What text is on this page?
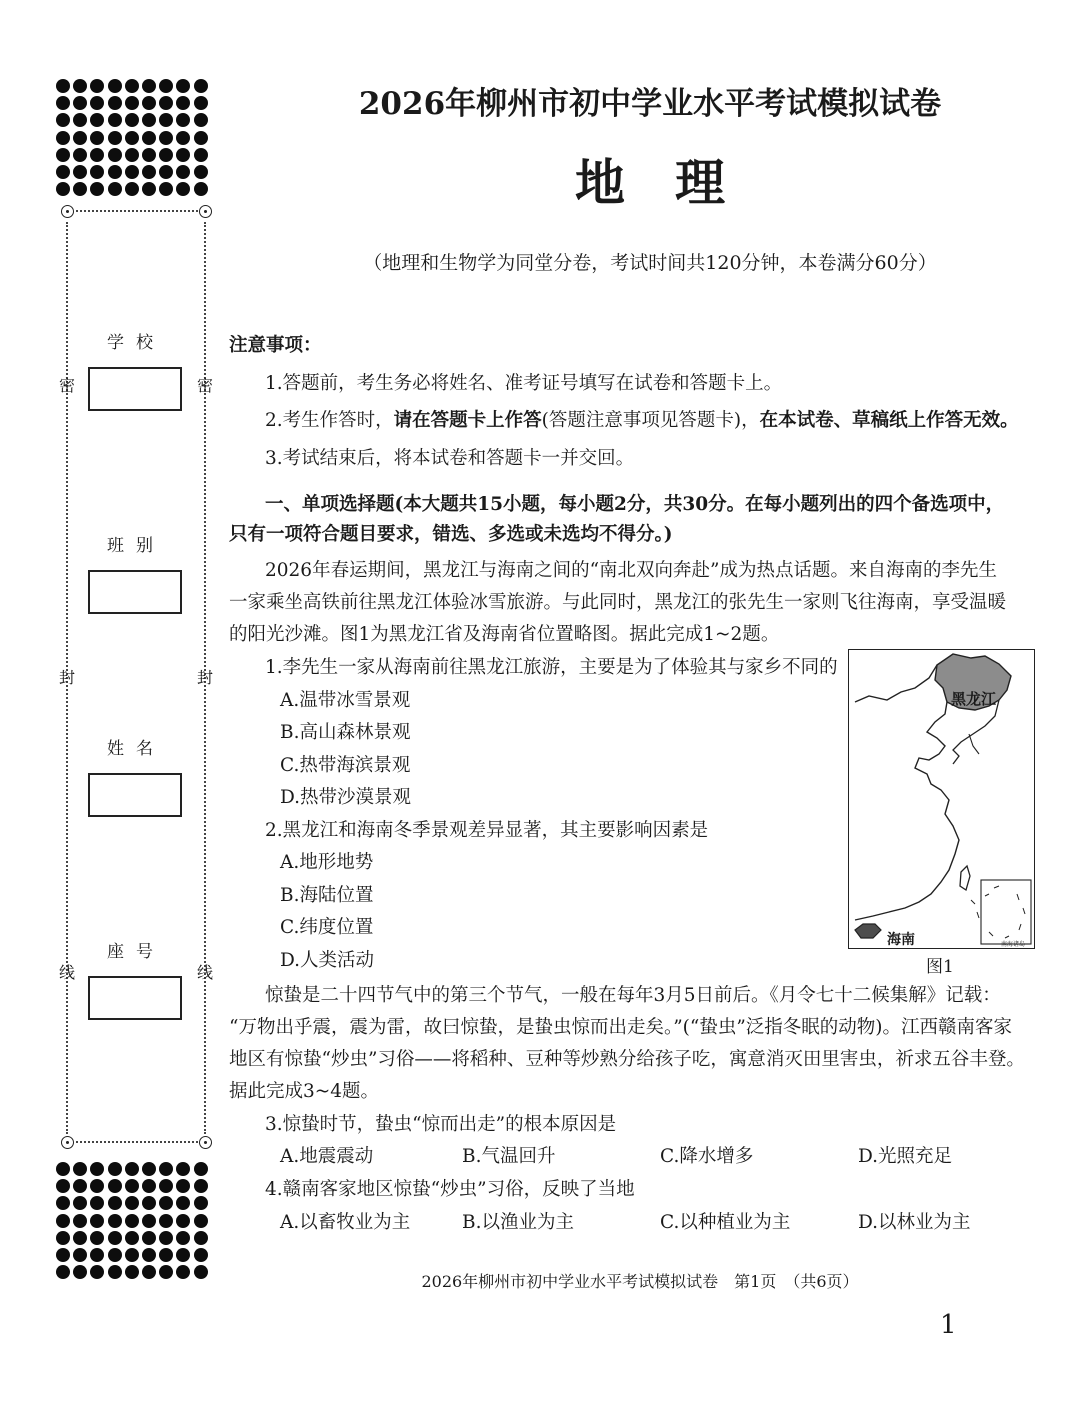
密	密
封	封
线	线
学校
班别
姓名
座号
2026年柳州市初中学业水平考试模拟试卷
地理
（地理和生物学为同堂分卷，考试时间共120分钟，本卷满分60分）
注意事项：
1.答题前，考生务必将姓名、准考证号填写在试卷和答题卡上。
2.考生作答时，请在答题卡上作答(答题注意事项见答题卡)，在本试卷、草稿纸上作答无效。
3.考试结束后，将本试卷和答题卡一并交回。
一、单项选择题(本大题共15小题，每小题2分，共30分。在每小题列出的四个备选项中，
只有一项符合题目要求，错选、多选或未选均不得分。)
2026年春运期间，黑龙江与海南之间的“南北双向奔赴”成为热点话题。来自海南的李先生
一家乘坐高铁前往黑龙江体验冰雪旅游。与此同时，黑龙江的张先生一家则飞往海南，享受温暖
的阳光沙滩。图1为黑龙江省及海南省位置略图。据此完成1~2题。
1.李先生一家从海南前往黑龙江旅游，主要是为了体验其与家乡不同的
A.温带冰雪景观
B.高山森林景观
C.热带海滨景观
D.热带沙漠景观
2.黑龙江和海南冬季景观差异显著，其主要影响因素是
A.地形地势
B.海陆位置
C.纬度位置
D.人类活动
黑龙江
海南	南海诸岛
图1
惊蛰是二十四节气中的第三个节气，一般在每年3月5日前后。《月令七十二候集解》记载：
“万物出乎震，震为雷，故曰惊蛰，是蛰虫惊而出走矣。”(“蛰虫”泛指冬眠的动物)。江西赣南客家
地区有惊蛰“炒虫”习俗——将稻种、豆种等炒熟分给孩子吃，寓意消灭田里害虫，祈求五谷丰登。
据此完成3~4题。
3.惊蛰时节，蛰虫“惊而出走”的根本原因是
A.地震震动	B.气温回升	C.降水增多	D.光照充足
4.赣南客家地区惊蛰“炒虫”习俗，反映了当地
A.以畜牧业为主	B.以渔业为主	C.以种植业为主	D.以林业为主
2026年柳州市初中学业水平考试模拟试卷　第1页　（共6页）
1
